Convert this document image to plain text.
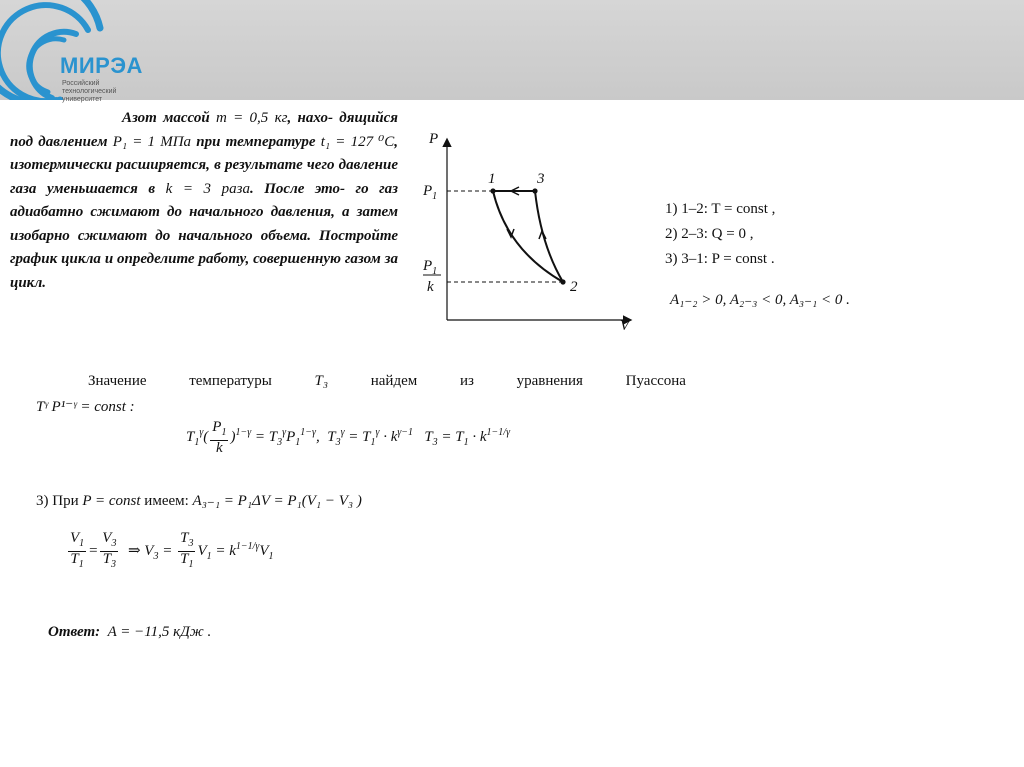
МИРЭА
Российский
технологический
университет
Азот массой m = 0,5 кг, нахо- дящийся под давлением P₁ = 1 МПа при температуре t₁ = 127 ⁰C, изотермически расширяется, в результате чего давление газа уменьшается в k = 3 раза. После это- го газ адиабатно сжимают до начального давления, а затем изобарно сжимают до начального объема. Постройте график цикла и определите работу, совершенную газом за цикл.
P
V
$P_1$
$P_1$
k
1	3
2
1) 1–2: T = const ,
2) 2–3: Q = 0 ,
3) 3–1: P = const .
A₁₋₂ > 0, A₂₋₃ < 0, A₃₋₁ < 0 .
Значение	температуры	T₃	найдем	из	уравнения	Пуассона
Tᵞ P¹⁻ᵞ = const :
$T_1^\gamma( \frac{P_1}{k} )^{1-\gamma} = T_3^\gamma P_1^{1-\gamma}$,  $T_3^\gamma = T_1^\gamma \cdot k^{\gamma-1}$   $T_3 = T_1 \cdot k^{1-1/\gamma}$
3) При P = const имеем: A₃₋₁ = P₁ΔV = P₁(V₁ − V₃ )
$\frac{V_1}{T_1} = \frac{V_3}{T_3}$ ⇒ $V_3 = \frac{T_3}{T_1} V_1 = k^{1-1/\gamma}V_1$
Ответ: A = −11,5 кДж .
